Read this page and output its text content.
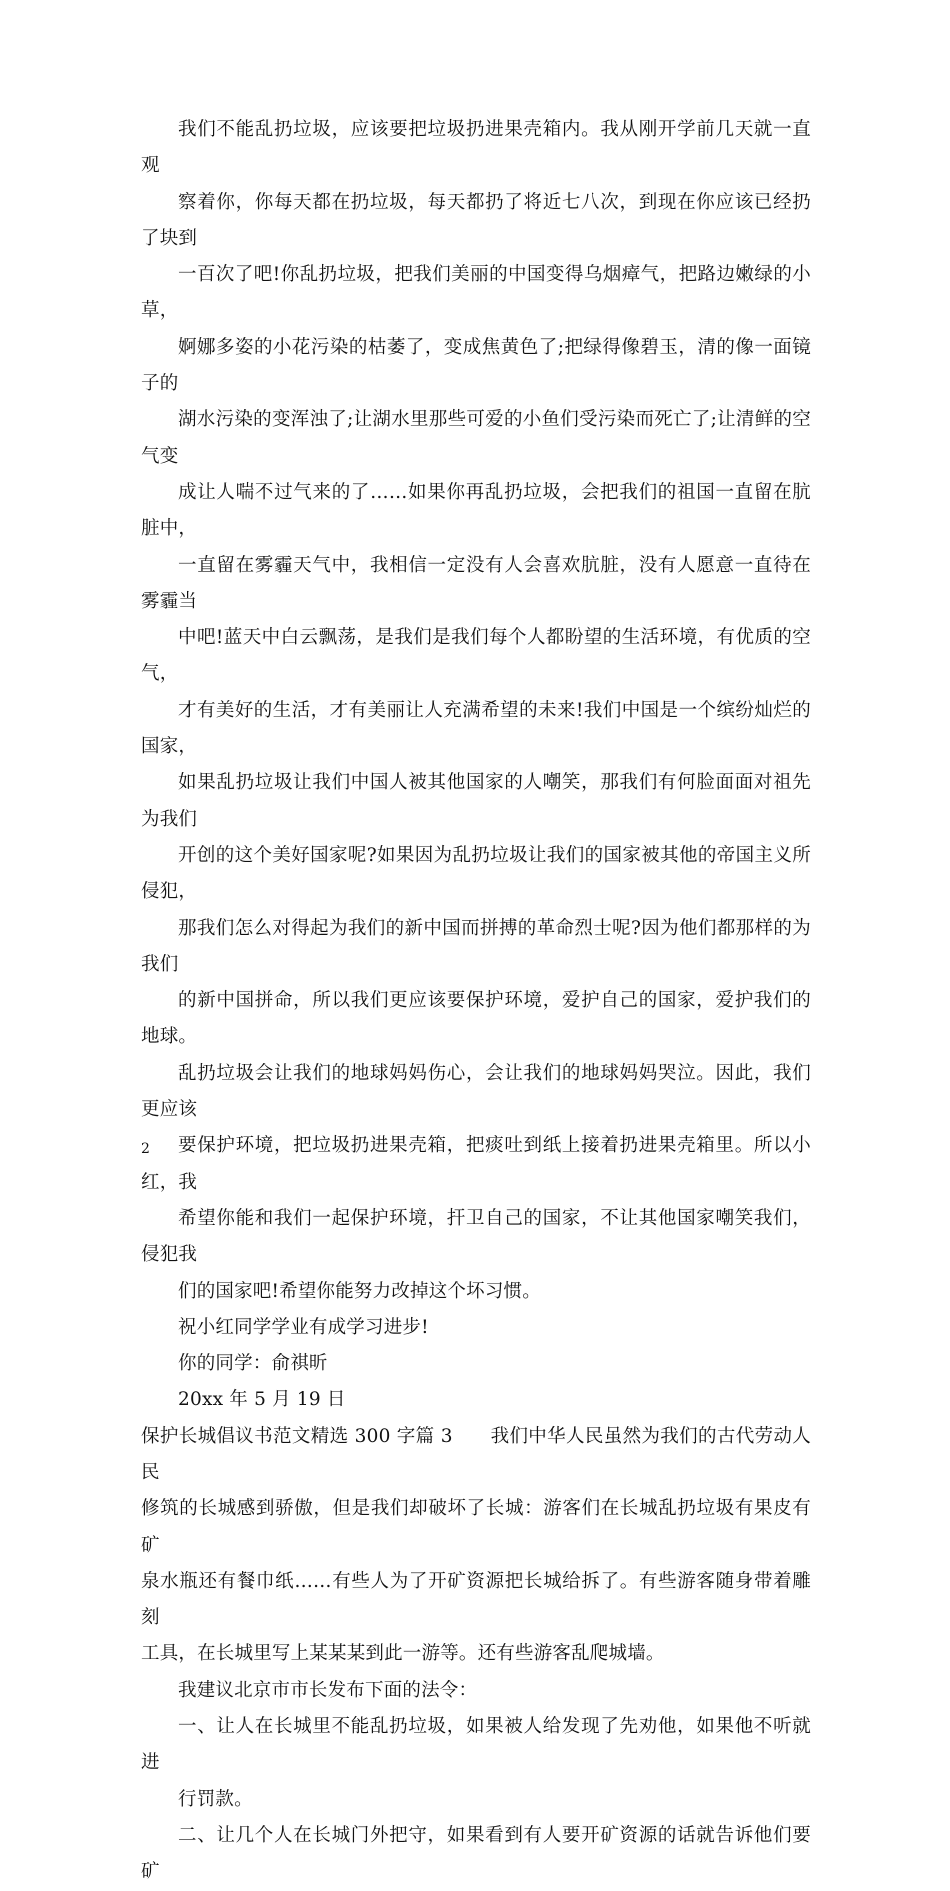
我们不能乱扔垃圾，应该要把垃圾扔进果壳箱内。我从刚开学前几天就一直观
察着你，你每天都在扔垃圾，每天都扔了将近七八次，到现在你应该已经扔了块到
一百次了吧!你乱扔垃圾，把我们美丽的中国变得乌烟瘴气，把路边嫩绿的小草，
婀娜多姿的小花污染的枯萎了，变成焦黄色了;把绿得像碧玉，清的像一面镜子的
湖水污染的变浑浊了;让湖水里那些可爱的小鱼们受污染而死亡了;让清鲜的空气变
成让人喘不过气来的了……如果你再乱扔垃圾，会把我们的祖国一直留在肮脏中，
一直留在雾霾天气中，我相信一定没有人会喜欢肮脏，没有人愿意一直待在雾霾当
中吧!蓝天中白云飘荡，是我们是我们每个人都盼望的生活环境，有优质的空气，
才有美好的生活，才有美丽让人充满希望的未来!我们中国是一个缤纷灿烂的国家，
如果乱扔垃圾让我们中国人被其他国家的人嘲笑，那我们有何脸面面对祖先为我们
开创的这个美好国家呢?如果因为乱扔垃圾让我们的国家被其他的帝国主义所侵犯，
那我们怎么对得起为我们的新中国而拼搏的革命烈士呢?因为他们都那样的为我们
的新中国拼命，所以我们更应该要保护环境，爱护自己的国家，爱护我们的地球。
乱扔垃圾会让我们的地球妈妈伤心，会让我们的地球妈妈哭泣。因此，我们更应该
要保护环境，把垃圾扔进果壳箱，把痰吐到纸上接着扔进果壳箱里。所以小红，我
希望你能和我们一起保护环境，扞卫自己的国家，不让其他国家嘲笑我们，侵犯我
们的国家吧!希望你能努力改掉这个坏习惯。

祝小红同学学业有成学习进步!

你的同学：俞祺昕

20xx 年 5 月 19 日

保护长城倡议书范文精选 300 字篇 3　　我们中华人民虽然为我们的古代劳动人民
修筑的长城感到骄傲，但是我们却破坏了长城：游客们在长城乱扔垃圾有果皮有矿
泉水瓶还有餐巾纸……有些人为了开矿资源把长城给拆了。有些游客随身带着雕刻
工具，在长城里写上某某某到此一游等。还有些游客乱爬城墙。

我建议北京市市长发布下面的法令：

一、让人在长城里不能乱扔垃圾，如果被人给发现了先劝他，如果他不听就进
行罚款。

二、让几个人在长城门外把守，如果看到有人要开矿资源的话就告诉他们要矿

2
